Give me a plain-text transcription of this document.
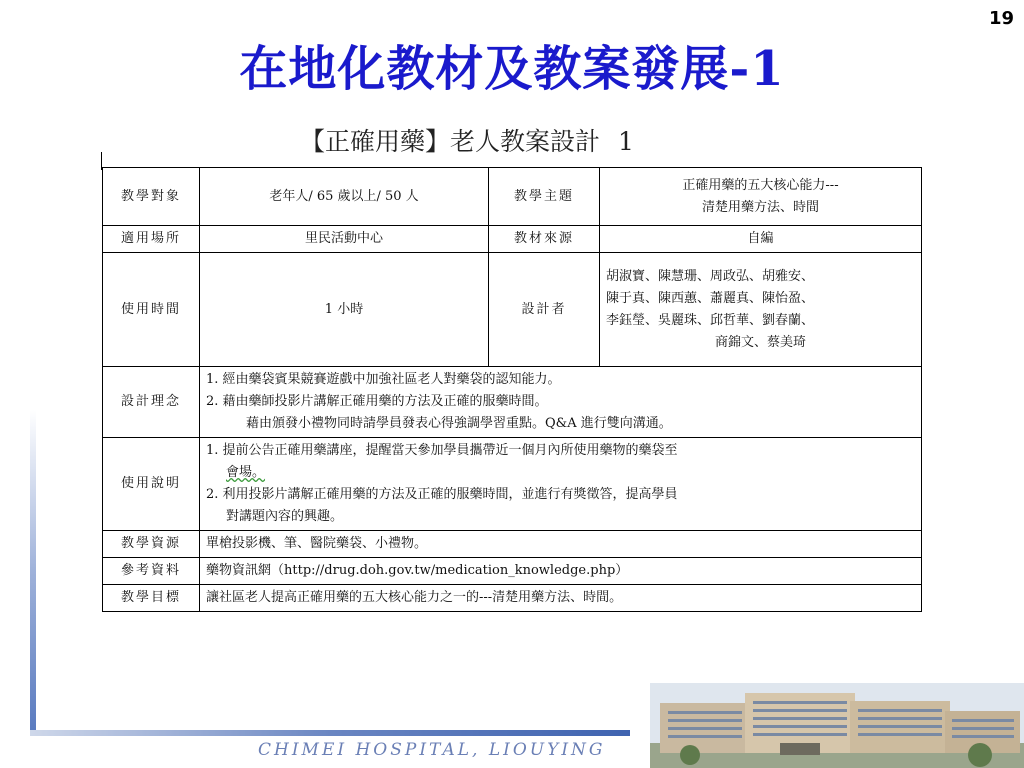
19
在地化教材及教案發展-1
【正確用藥】老人教案設計 1
教學對象	老年人/ 65 歲以上/ 50 人	教學主題	正確用藥的五大核心能力---
清楚用藥方法、時間

適用場所	里民活動中心	教材來源	自編
使用時間	1 小時	設計者	胡淑寶、陳慧珊、周政弘、胡雅安、
陳于真、陳西蕙、蕭麗真、陳怡盈、
李鈺瑩、吳麗珠、邱哲華、劉春蘭、
商錦文、蔡美琦

設計理念	1. 經由藥袋賓果競賽遊戲中加強社區老人對藥袋的認知能力。
2. 藉由藥師投影片講解正確用藥的方法及正確的服藥時間。
藉由頒發小禮物同時請學員發表心得強調學習重點。Q&A 進行雙向溝通。		

使用說明	1. 提前公告正確用藥講座，提醒當天參加學員攜帶近一個月內所使用藥物的藥袋至
會場。
2. 利用投影片講解正確用藥的方法及正確的服藥時間，並進行有獎徵答，提高學員
對講題內容的興趣。		

教學資源	單槍投影機、筆、醫院藥袋、小禮物。		
參考資料	藥物資訊網（http://drug.doh.gov.tw/medication_knowledge.php）		
教學目標	讓社區老人提高正確用藥的五大核心能力之一的---清楚用藥方法、時間。		
CHIMEI HOSPITAL, LIOUYING
